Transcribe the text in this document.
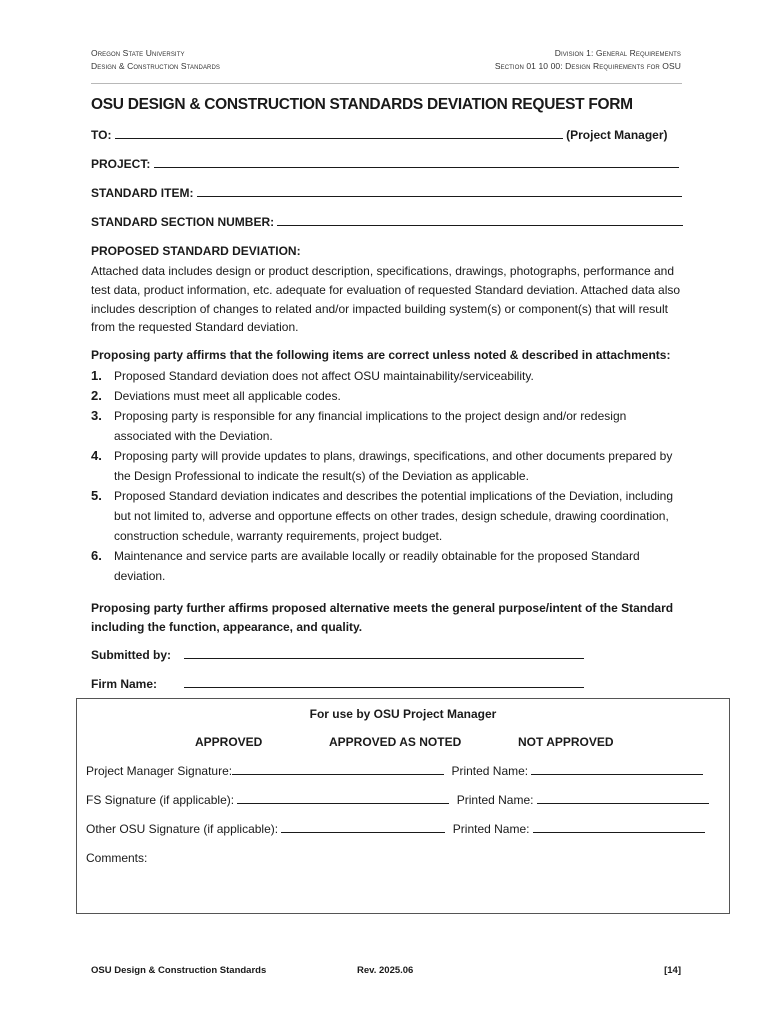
Oregon State University
Design & Construction Standards
Division 1: General Requirements
Section 01 10 00: Design Requirements for OSU
OSU DESIGN & CONSTRUCTION STANDARDS DEVIATION REQUEST FORM
TO:	(Project Manager)
PROJECT:
STANDARD ITEM:
STANDARD SECTION NUMBER:
PROPOSED STANDARD DEVIATION:
Attached data includes design or product description, specifications, drawings, photographs, performance and test data, product information, etc. adequate for evaluation of requested Standard deviation. Attached data also includes description of changes to related and/or impacted building system(s) or component(s) that will result from the requested Standard deviation.
Proposing party affirms that the following items are correct unless noted & described in attachments:
1. Proposed Standard deviation does not affect OSU maintainability/serviceability.
2. Deviations must meet all applicable codes.
3. Proposing party is responsible for any financial implications to the project design and/or redesign associated with the Deviation.
4. Proposing party will provide updates to plans, drawings, specifications, and other documents prepared by the Design Professional to indicate the result(s) of the Deviation as applicable.
5. Proposed Standard deviation indicates and describes the potential implications of the Deviation, including but not limited to, adverse and opportune effects on other trades, design schedule, drawing coordination, construction schedule, warranty requirements, project budget.
6. Maintenance and service parts are available locally or readily obtainable for the proposed Standard deviation.
Proposing party further affirms proposed alternative meets the general purpose/intent of the Standard including the function, appearance, and quality.
Submitted by:
Firm Name:
For use by OSU Project Manager
APPROVED	APPROVED AS NOTED	NOT APPROVED
Project Manager Signature:	Printed Name:
FS Signature (if applicable):	Printed Name:
Other OSU Signature (if applicable):	Printed Name:
Comments:
OSU Design & Construction Standards	Rev. 2025.06	[14]
